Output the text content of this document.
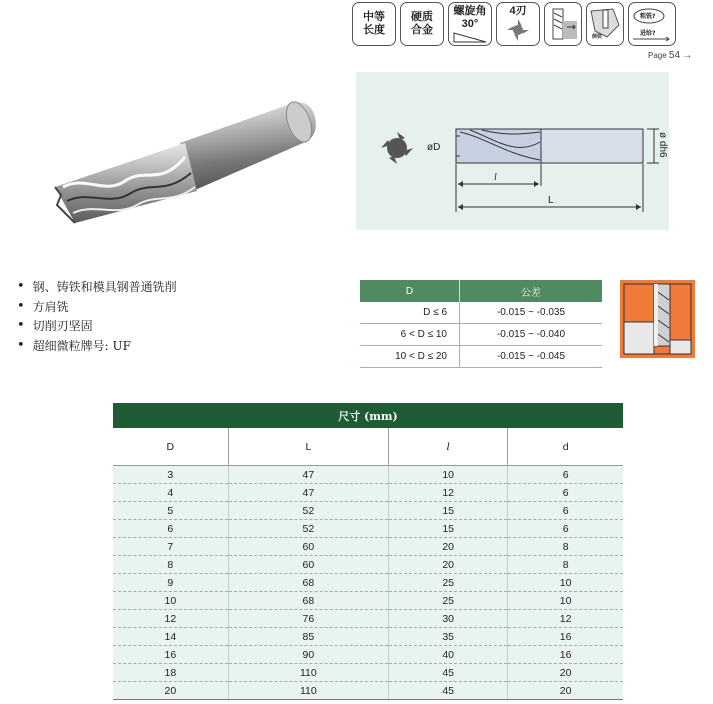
中等
长度
硬质
合金
螺旋角
30°
4刃
侧铣
粗铣?
进给?
Page 54 →
øD	ø dh6
l
L
• 钢、铸铁和模具钢普通铣削
• 方肩铣
• 切削刃坚固
• 超细微粒牌号: UF
D	公差
D ≤ 6	-0.015 ~ -0.035
6 < D ≤ 10	-0.015 ~ -0.040
10 < D ≤ 20	-0.015 ~ -0.045
尺寸 (mm)			
D	L	l	d
3	47	10	6
4	47	12	6
5	52	15	6
6	52	15	6
7	60	20	8
8	60	20	8
9	68	25	10
10	68	25	10
12	76	30	12
14	85	35	16
16	90	40	16
18	110	45	20
20	110	45	20
